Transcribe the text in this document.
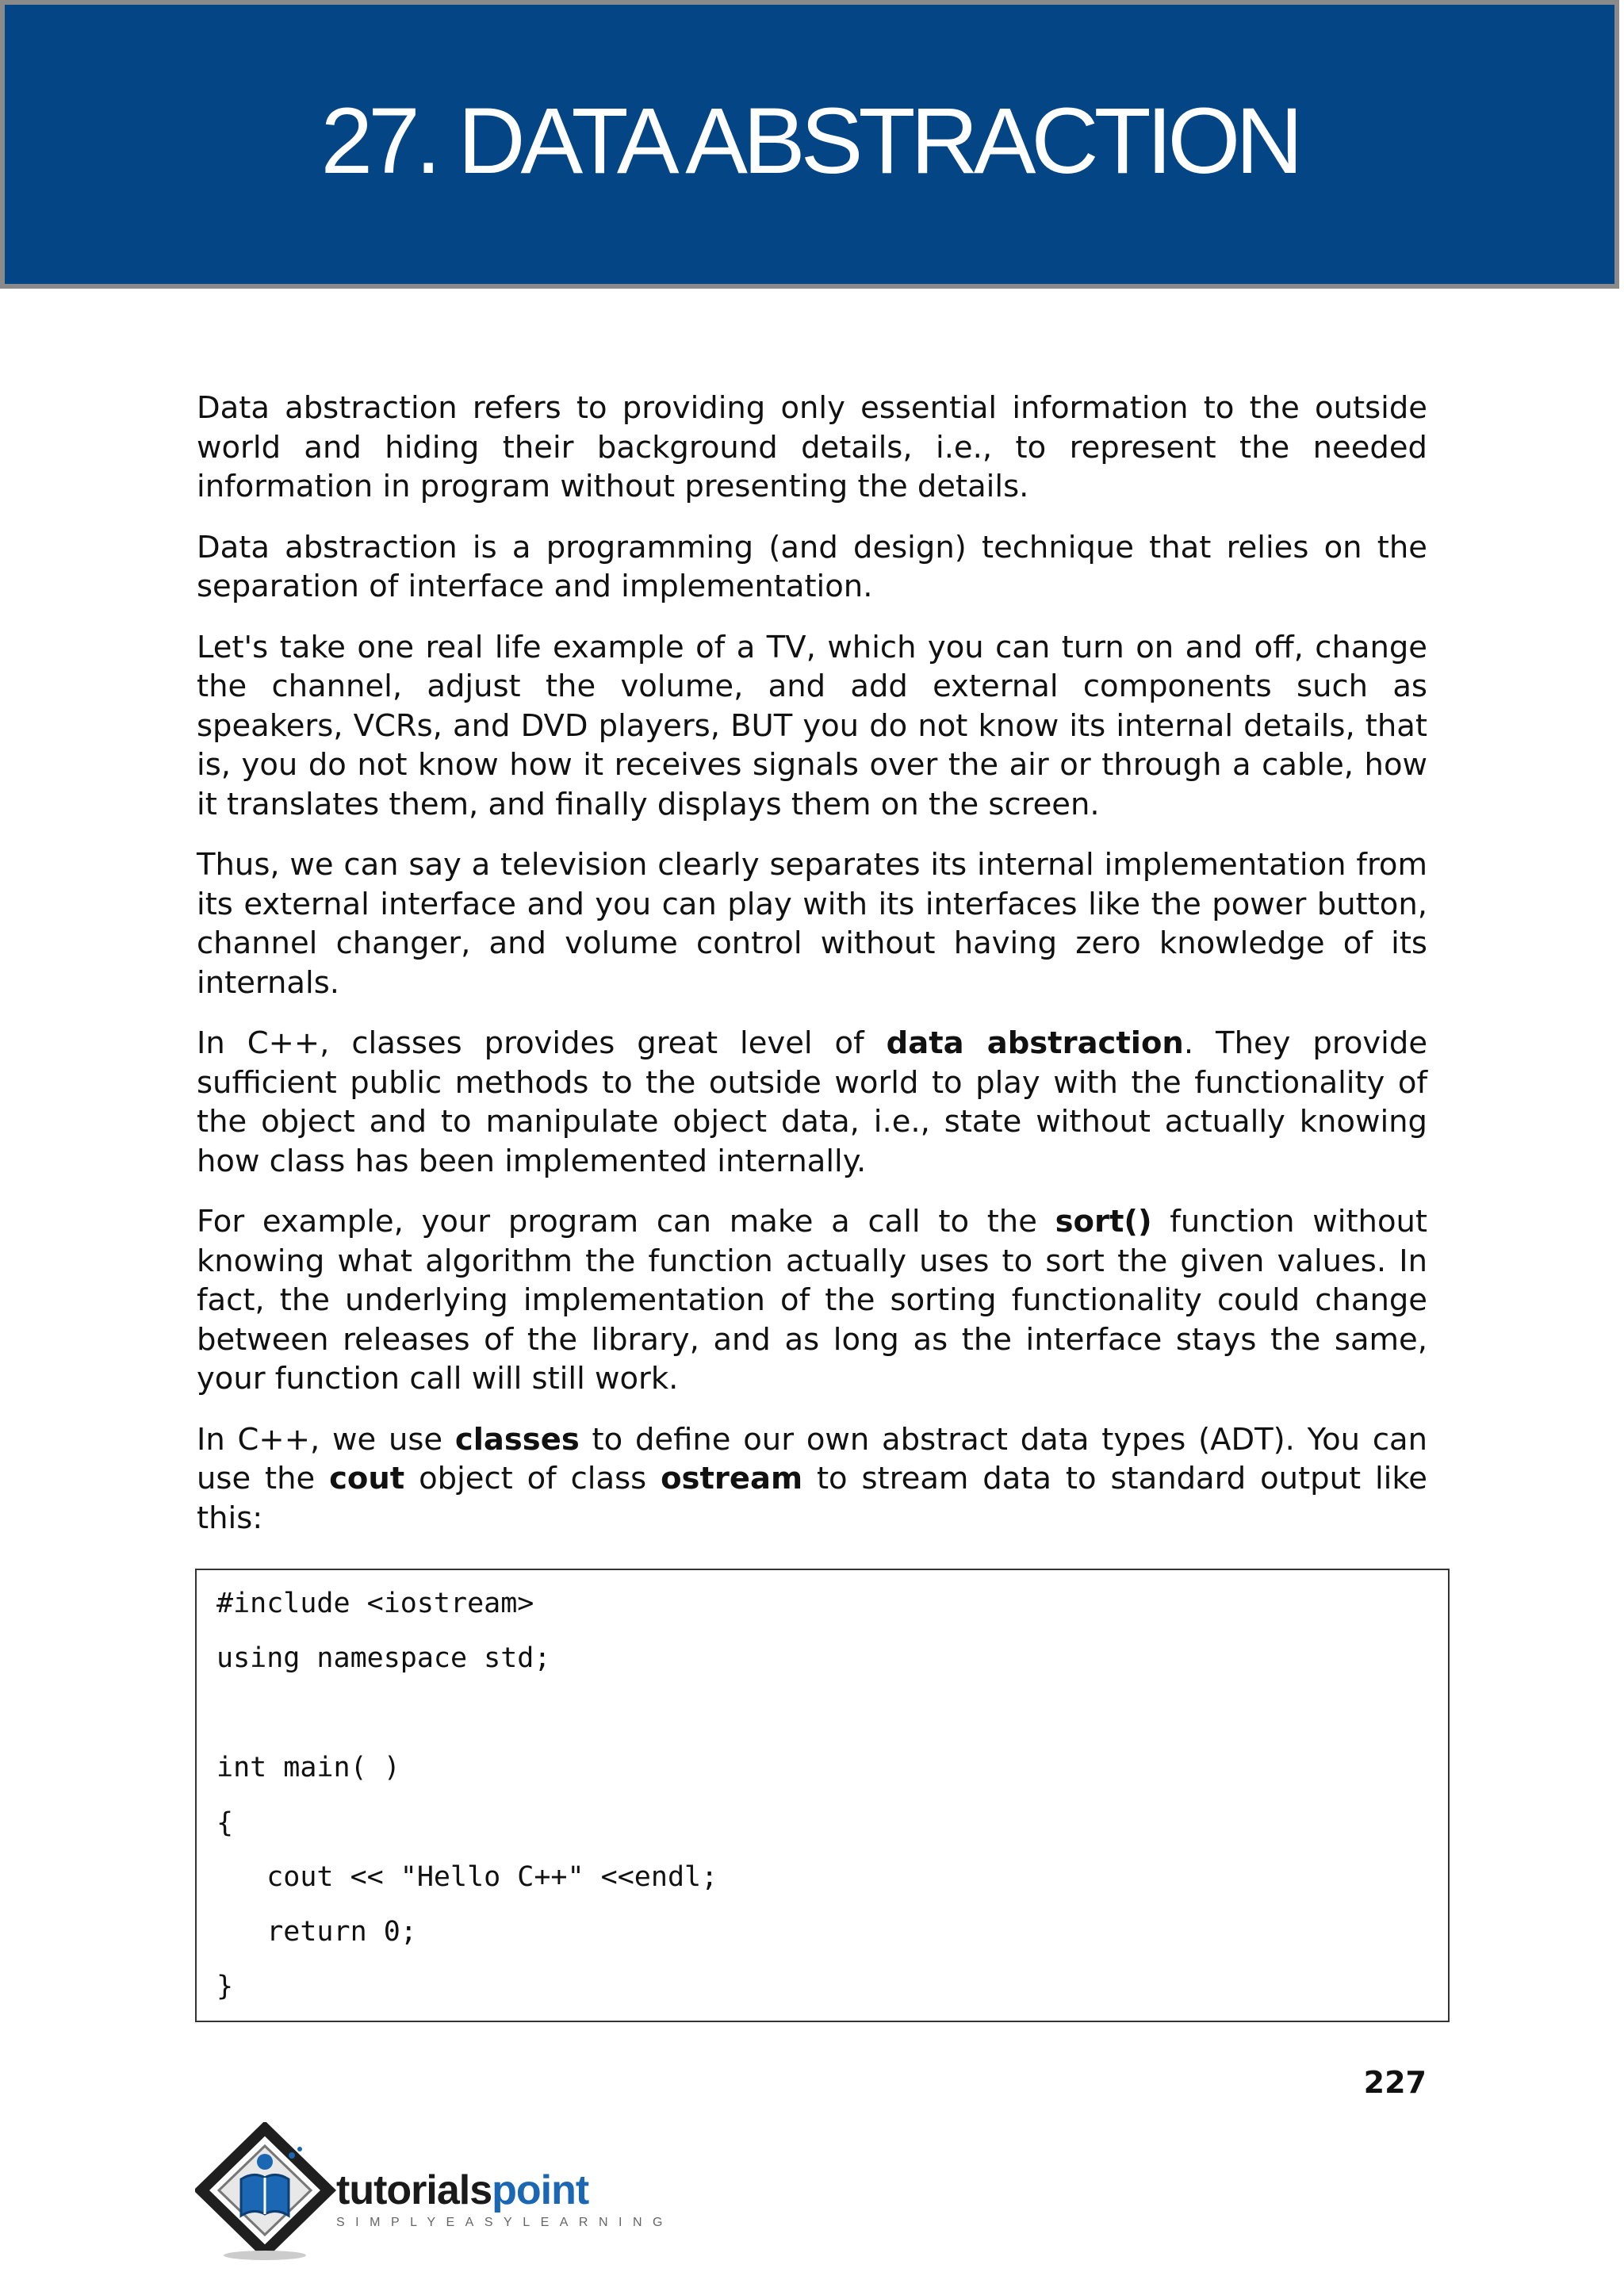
27. DATA ABSTRACTION

Data abstraction refers to providing only essential information to the outside world and hiding their background details, i.e., to represent the needed information in program without presenting the details.

Data abstraction is a programming (and design) technique that relies on the separation of interface and implementation.

Let's take one real life example of a TV, which you can turn on and off, change the channel, adjust the volume, and add external components such as speakers, VCRs, and DVD players, BUT you do not know its internal details, that is, you do not know how it receives signals over the air or through a cable, how it translates them, and finally displays them on the screen.

Thus, we can say a television clearly separates its internal implementation from its external interface and you can play with its interfaces like the power button, channel changer, and volume control without having zero knowledge of its internals.

In C++, classes provides great level of data abstraction. They provide sufficient public methods to the outside world to play with the functionality of the object and to manipulate object data, i.e., state without actually knowing how class has been implemented internally.

For example, your program can make a call to the sort() function without knowing what algorithm the function actually uses to sort the given values. In fact, the underlying implementation of the sorting functionality could change between releases of the library, and as long as the interface stays the same, your function call will still work.

In C++, we use classes to define our own abstract data types (ADT). You can use the cout object of class ostream to stream data to standard output like this:

#include <iostream>
using namespace std;
int main( )
{
cout << "Hello C++" <<endl;
return 0;
}
227
tutorialspoint
SIMPLYEASYLEARNING
